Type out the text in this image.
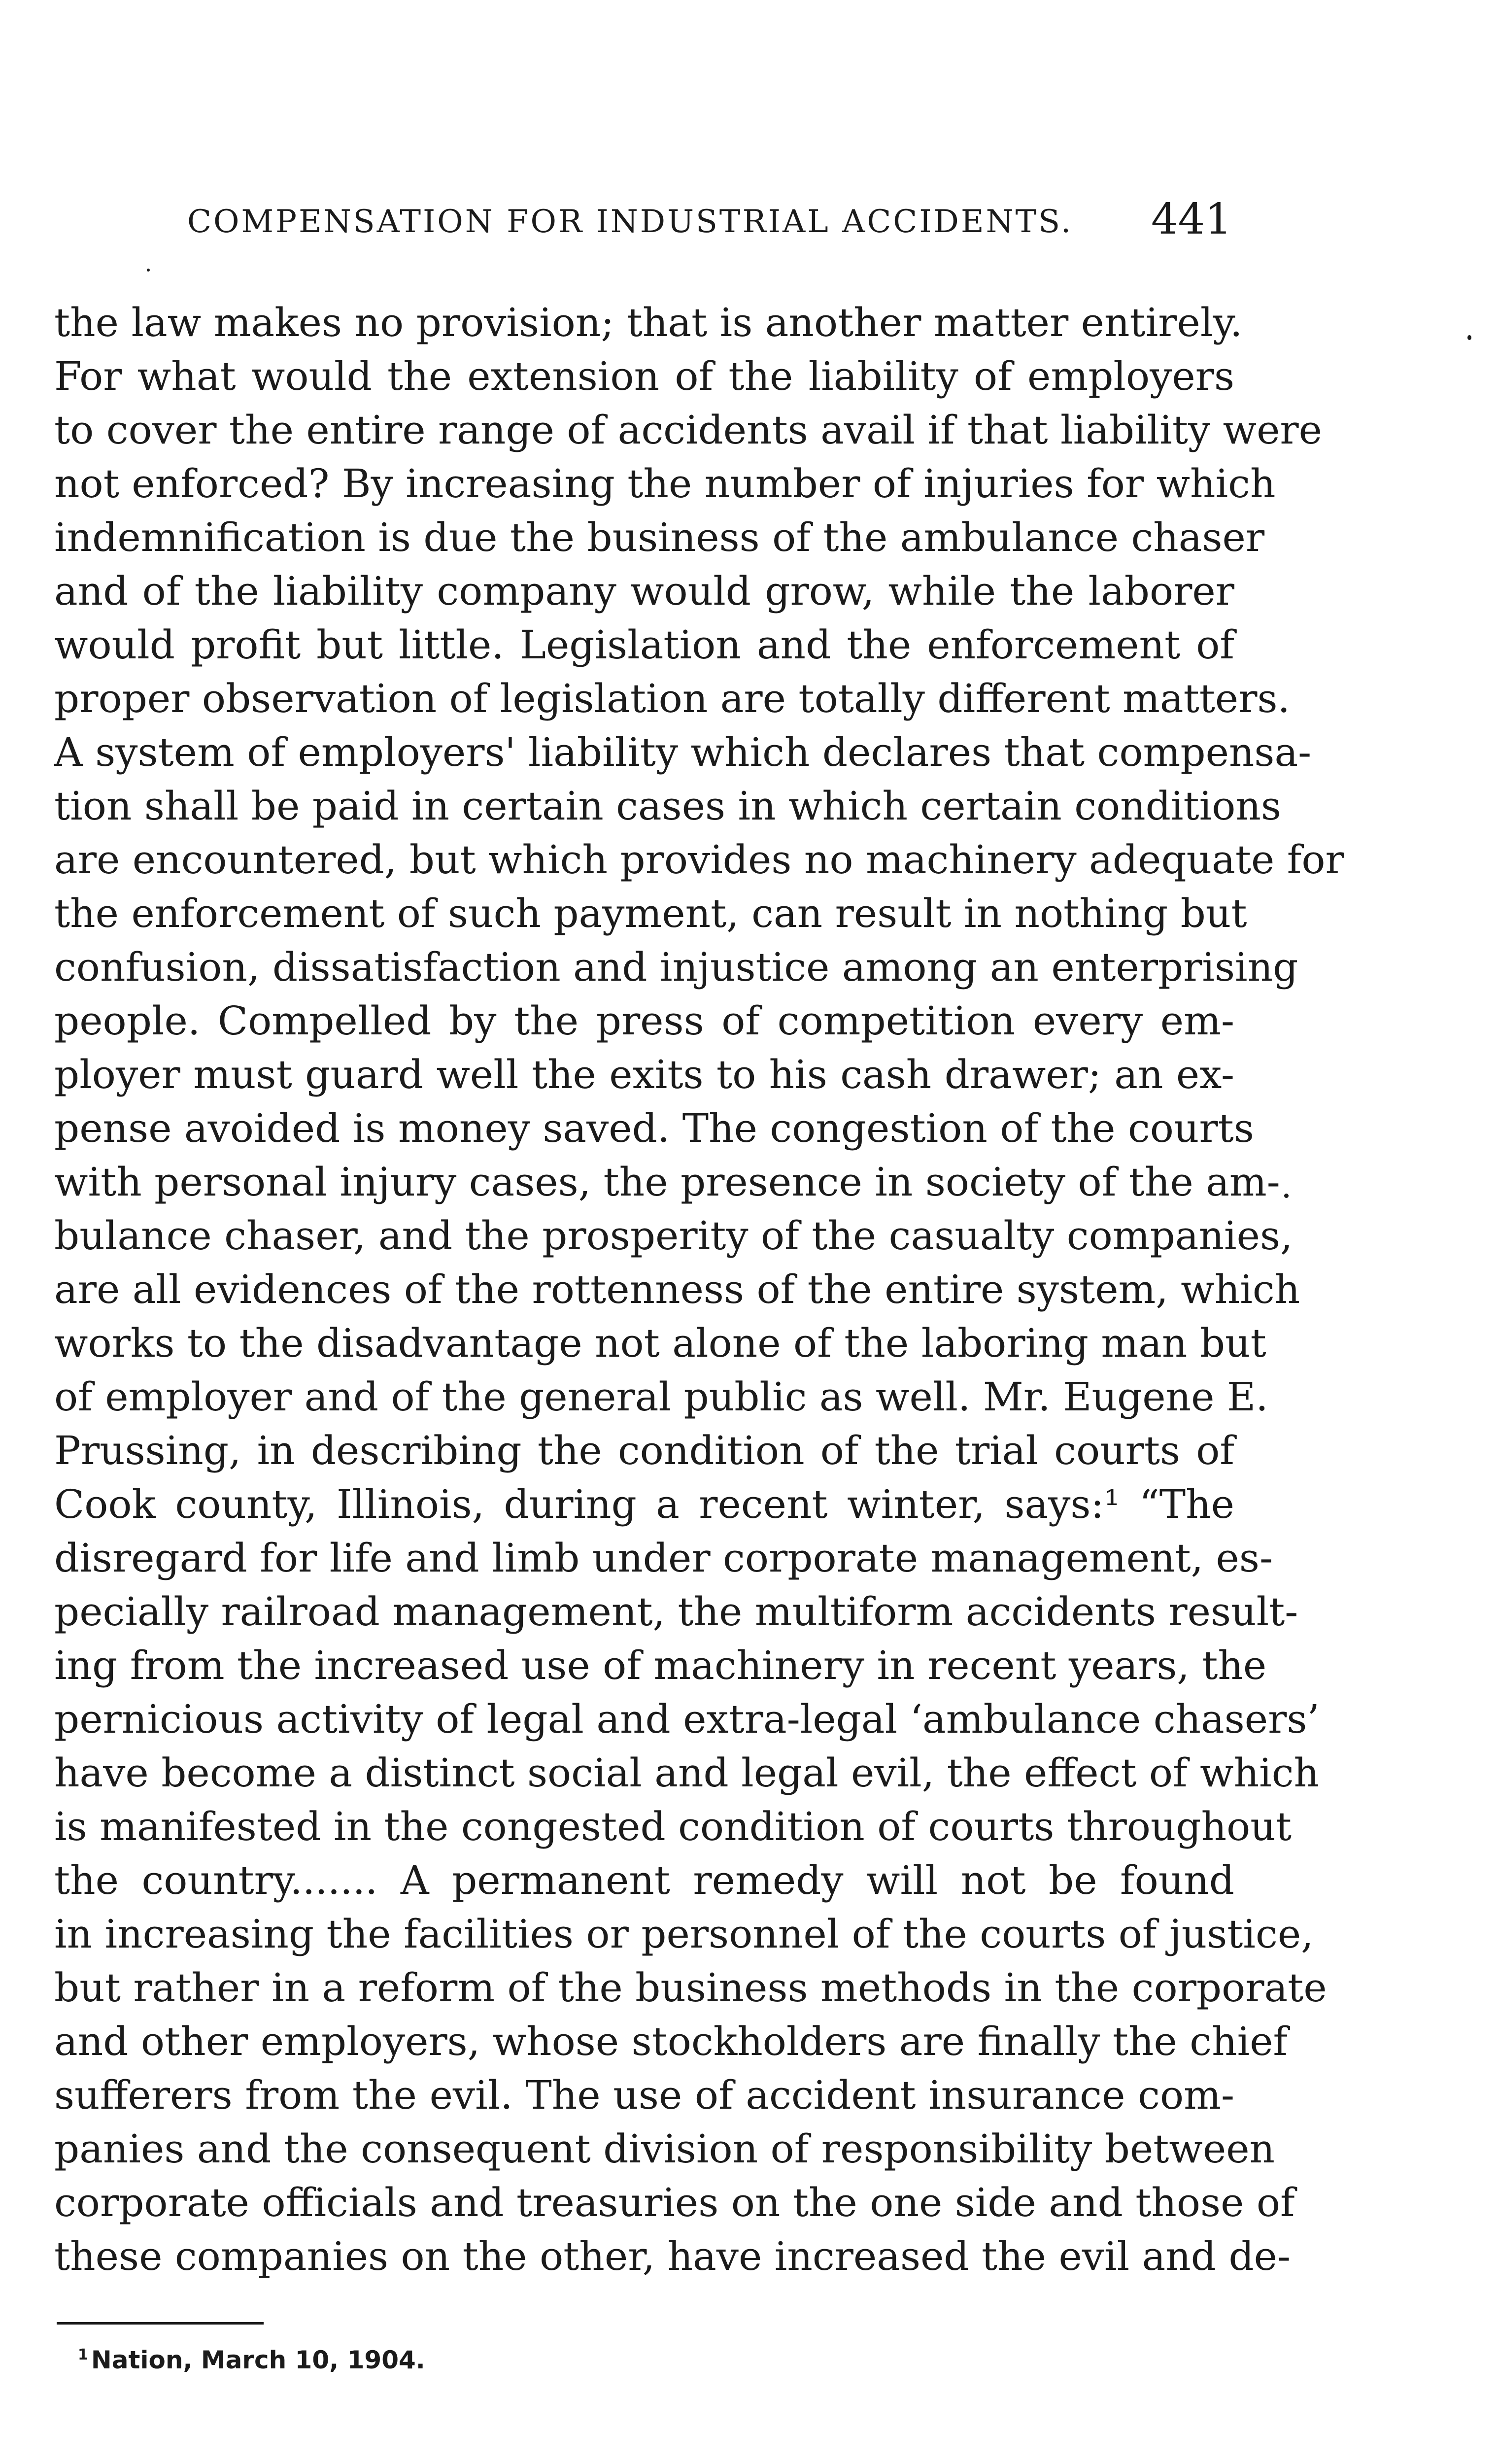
COMPENSATION FOR INDUSTRIAL ACCIDENTS. 441
the law makes no provision; that is another matter entirely.
For what would the extension of the liability of employers
to cover the entire range of accidents avail if that liability were
not enforced? By increasing the number of injuries for which
indemnification is due the business of the ambulance chaser
and of the liability company would grow, while the laborer
would profit but little. Legislation and the enforcement of
proper observation of legislation are totally different matters.
A system of employers' liability which declares that compensa-
tion shall be paid in certain cases in which certain conditions
are encountered, but which provides no machinery adequate for
the enforcement of such payment, can result in nothing but
confusion, dissatisfaction and injustice among an enterprising
people. Compelled by the press of competition every em-
ployer must guard well the exits to his cash drawer; an ex-
pense avoided is money saved. The congestion of the courts
with personal injury cases, the presence in society of the am-
bulance chaser, and the prosperity of the casualty companies,
are all evidences of the rottenness of the entire system, which
works to the disadvantage not alone of the laboring man but
of employer and of the general public as well. Mr. Eugene E.
Prussing, in describing the condition of the trial courts of
Cook county, Illinois, during a recent winter, says:¹ “The
disregard for life and limb under corporate management, es-
pecially railroad management, the multiform accidents result-
ing from the increased use of machinery in recent years, the
pernicious activity of legal and extra-legal ‘ambulance chasers’
have become a distinct social and legal evil, the effect of which
is manifested in the congested condition of courts throughout
the country....... A permanent remedy will not be found
in increasing the facilities or personnel of the courts of justice,
but rather in a reform of the business methods in the corporate
and other employers, whose stockholders are finally the chief
sufferers from the evil. The use of accident insurance com-
panies and the consequent division of responsibility between
corporate officials and treasuries on the one side and those of
these companies on the other, have increased the evil and de-
$^1$ Nation, March 10, 1904.
